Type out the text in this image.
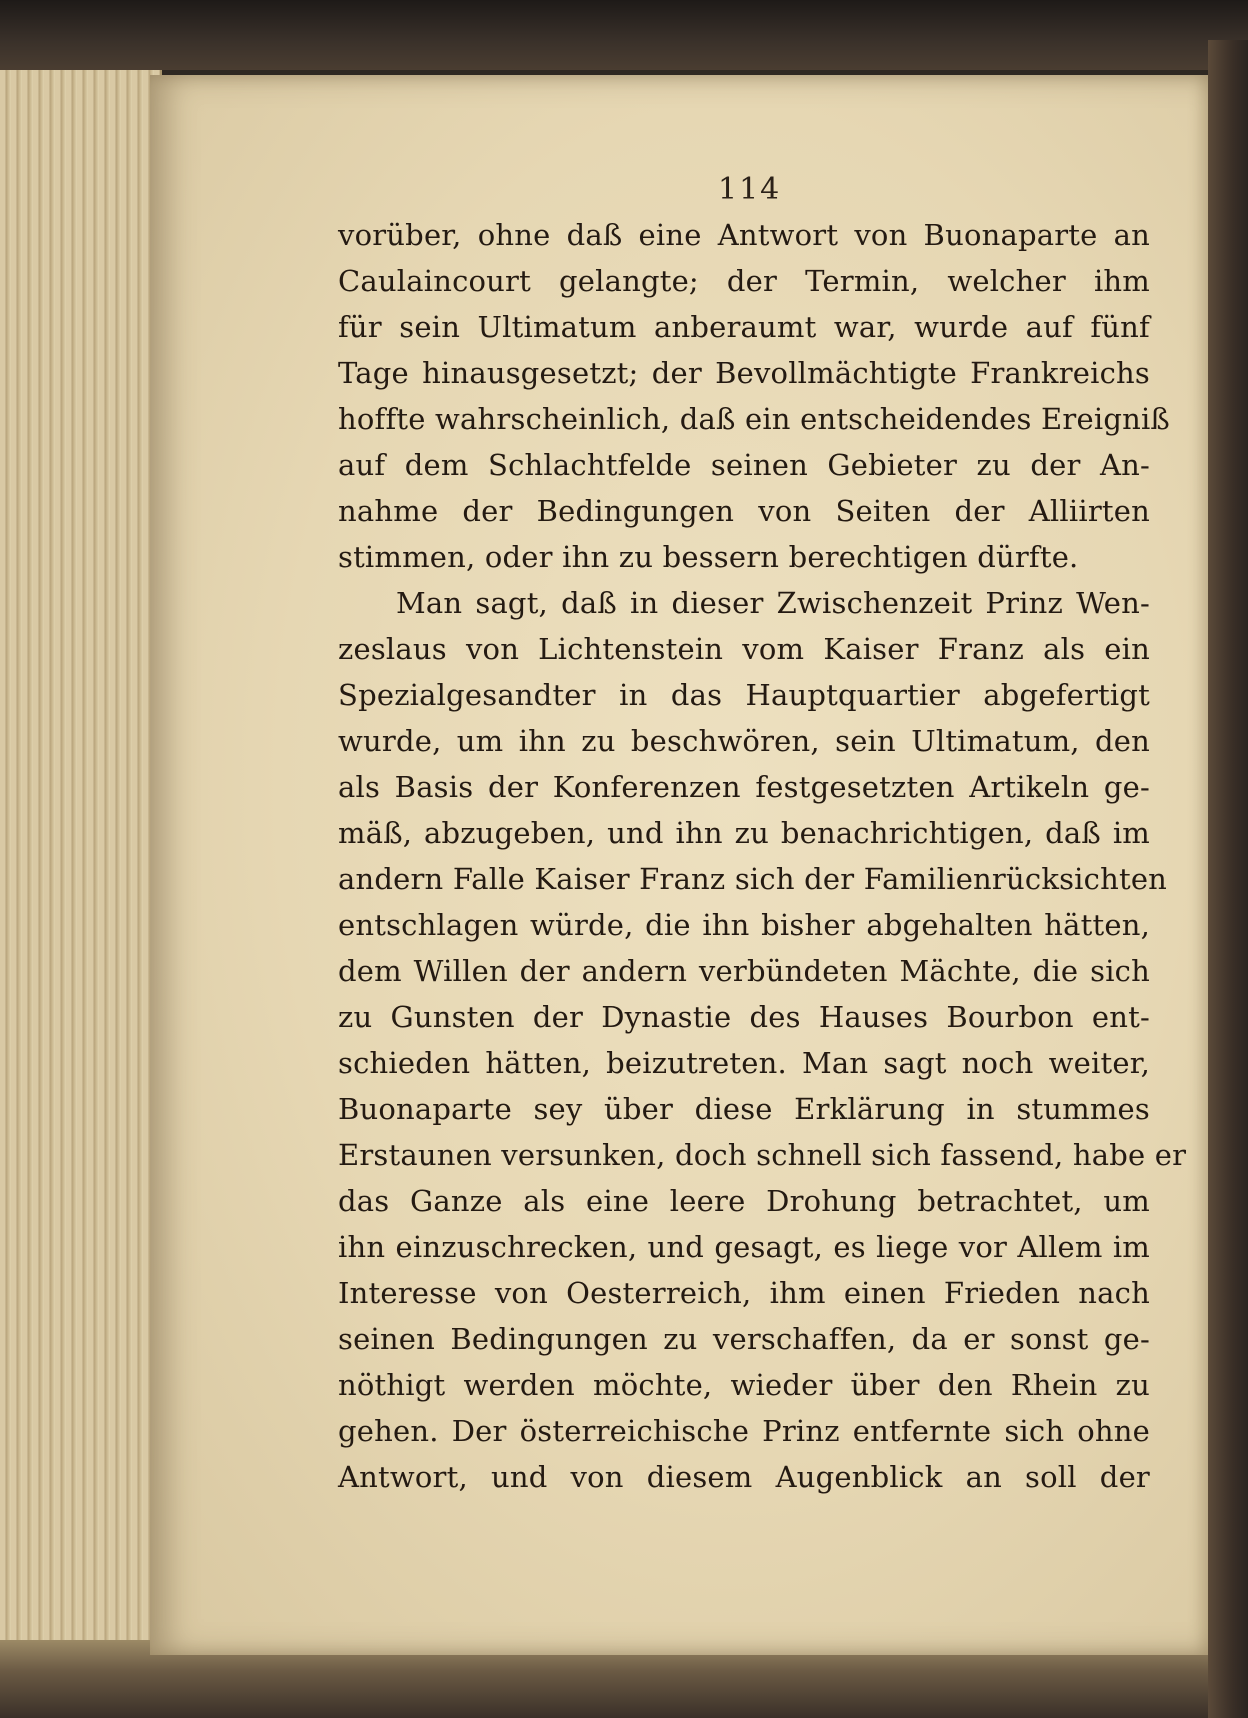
114
vorüber, ohne daß eine Antwort von Buonaparte an
Caulaincourt gelangte; der Termin, welcher ihm
für sein Ultimatum anberaumt war, wurde auf fünf
Tage hinausgesetzt; der Bevollmächtigte Frankreichs
hoffte wahrscheinlich, daß ein entscheidendes Ereigniß
auf dem Schlachtfelde seinen Gebieter zu der An-
nahme der Bedingungen von Seiten der Alliirten
stimmen, oder ihn zu bessern berechtigen dürfte.
Man sagt, daß in dieser Zwischenzeit Prinz Wen-
zeslaus von Lichtenstein vom Kaiser Franz als ein
Spezialgesandter in das Hauptquartier abgefertigt
wurde, um ihn zu beschwören, sein Ultimatum, den
als Basis der Konferenzen festgesetzten Artikeln ge-
mäß, abzugeben, und ihn zu benachrichtigen, daß im
andern Falle Kaiser Franz sich der Familienrücksichten
entschlagen würde, die ihn bisher abgehalten hätten,
dem Willen der andern verbündeten Mächte, die sich
zu Gunsten der Dynastie des Hauses Bourbon ent-
schieden hätten, beizutreten. Man sagt noch weiter,
Buonaparte sey über diese Erklärung in stummes
Erstaunen versunken, doch schnell sich fassend, habe er
das Ganze als eine leere Drohung betrachtet, um
ihn einzuschrecken, und gesagt, es liege vor Allem im
Interesse von Oesterreich, ihm einen Frieden nach
seinen Bedingungen zu verschaffen, da er sonst ge-
nöthigt werden möchte, wieder über den Rhein zu
gehen. Der österreichische Prinz entfernte sich ohne
Antwort, und von diesem Augenblick an soll der
